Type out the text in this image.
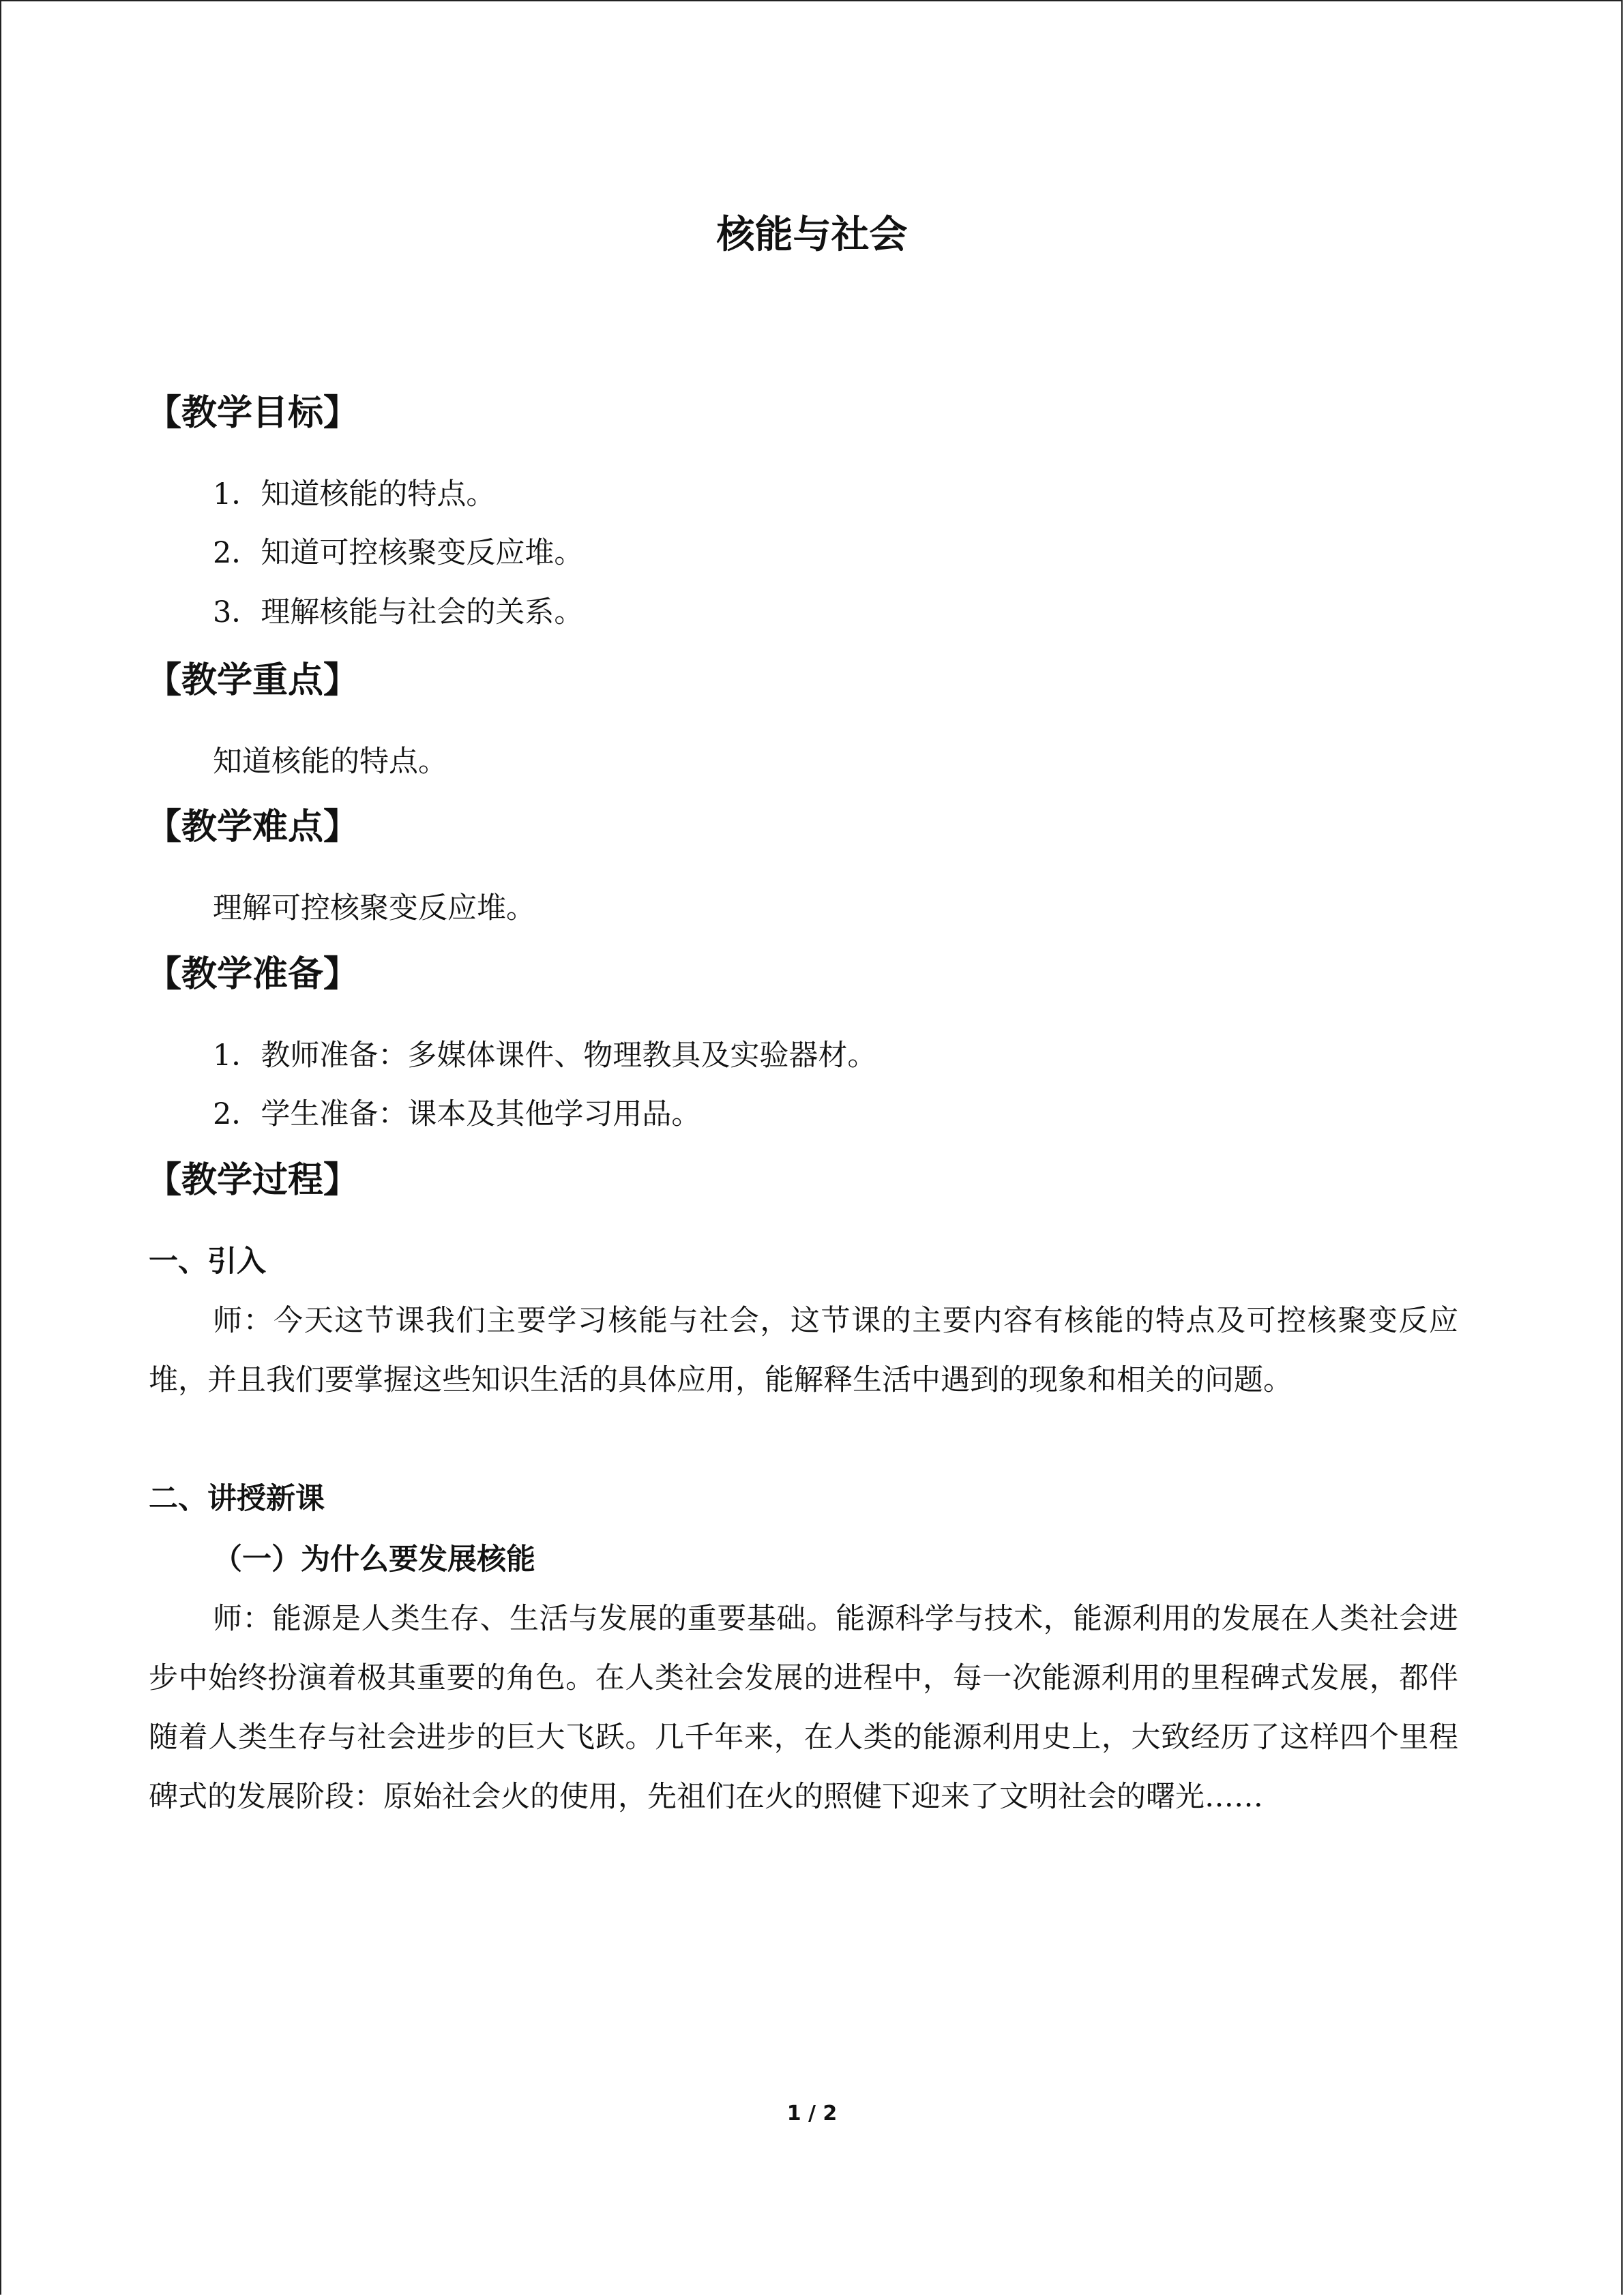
核能与社会
【教学目标】
1．知道核能的特点。
2．知道可控核聚变反应堆。
3．理解核能与社会的关系。
【教学重点】
知道核能的特点。
【教学难点】
理解可控核聚变反应堆。
【教学准备】
1．教师准备：多媒体课件、物理教具及实验器材。
2．学生准备：课本及其他学习用品。
【教学过程】
一、引入
师：今天这节课我们主要学习核能与社会，这节课的主要内容有核能的特点及可控核聚变反应堆，并且我们要掌握这些知识生活的具体应用，能解释生活中遇到的现象和相关的问题。
二、讲授新课
（一）为什么要发展核能
师：能源是人类生存、生活与发展的重要基础。能源科学与技术，能源利用的发展在人类社会进步中始终扮演着极其重要的角色。在人类社会发展的进程中，每一次能源利用的里程碑式发展，都伴随着人类生存与社会进步的巨大飞跃。几千年来，在人类的能源利用史上，大致经历了这样四个里程碑式的发展阶段：原始社会火的使用，先祖们在火的照健下迎来了文明社会的曙光……
1 / 2
